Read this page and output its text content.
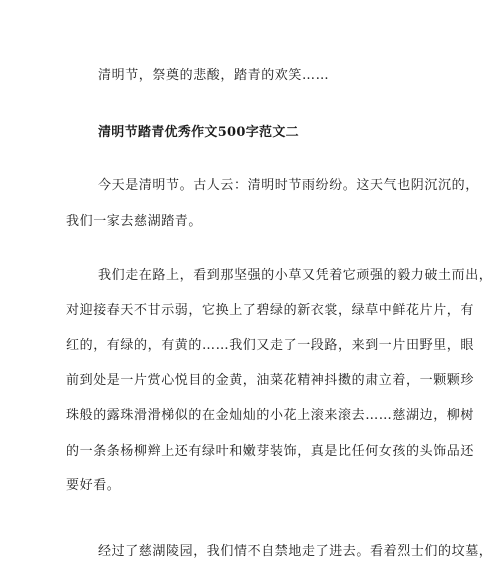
清明节，祭奠的悲酸，踏青的欢笑……
清明节踏青优秀作文500字范文二
今天是清明节。古人云：清明时节雨纷纷。这天气也阴沉沉的，
我们一家去慈湖踏青。
我们走在路上，看到那坚强的小草又凭着它顽强的毅力破土而出，
对迎接春天不甘示弱，它换上了碧绿的新衣裳，绿草中鲜花片片，有
红的，有绿的，有黄的……我们又走了一段路，来到一片田野里，眼
前到处是一片赏心悦目的金黄，油菜花精神抖擞的肃立着，一颗颗珍
珠般的露珠滑滑梯似的在金灿灿的小花上滚来滚去……慈湖边，柳树
的一条条杨柳辫上还有绿叶和嫩芽装饰，真是比任何女孩的头饰品还
要好看。
经过了慈湖陵园，我们情不自禁地走了进去。看着烈士们的坟墓，
